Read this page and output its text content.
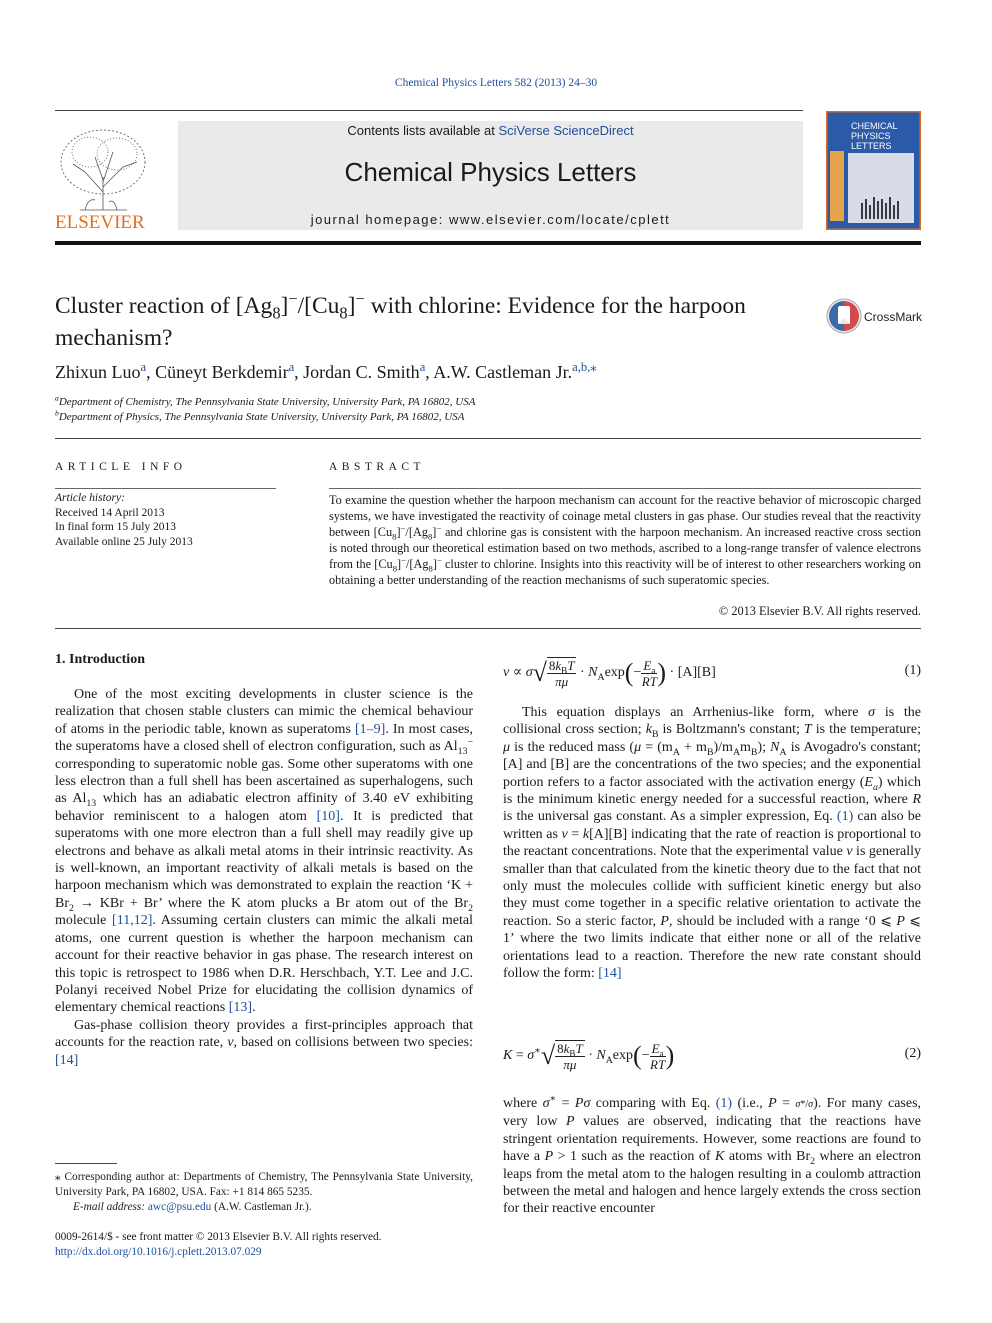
Chemical Physics Letters 582 (2013) 24–30
ELSEVIER
Contents lists available at SciVerse ScienceDirect
Chemical Physics Letters
journal homepage: www.elsevier.com/locate/cplett
CHEMICAL
PHYSICS
LETTERS
Cluster reaction of $[Ag_8]^-/[Cu_8]^-$ with chlorine: Evidence for the harpoon mechanism?
CrossMark
Zhixun Luo$^a$, Cüneyt Berkdemir$^a$, Jordan C. Smith$^a$, A.W. Castleman Jr.$^{a,b,⁎}$
$^a$Department of Chemistry, The Pennsylvania State University, University Park, PA 16802, USA
$^b$Department of Physics, The Pennsylvania State University, University Park, PA 16802, USA
ARTICLE INFO
Article history:
Received 14 April 2013
In final form 15 July 2013
Available online 25 July 2013
ABSTRACT
To examine the question whether the harpoon mechanism can account for the reactive behavior of microscopic charged systems, we have investigated the reactivity of coinage metal clusters in gas phase. Our studies reveal that the reactivity between $[Cu_8]^-/[Ag_8]^-$ and chlorine gas is consistent with the harpoon mechanism. An increased reactive cross section is noted through our theoretical estimation based on two methods, ascribed to a long-range transfer of valence electrons from the $[Cu_8]^-/[Ag_8]^-$ cluster to chlorine. Insights into this reactivity will be of interest to other researchers working on obtaining a better understanding of the reaction mechanisms of such superatomic species.
© 2013 Elsevier B.V. All rights reserved.
1. Introduction

One of the most exciting developments in cluster science is the realization that chosen stable clusters can mimic the chemical behaviour of atoms in the periodic table, known as superatoms [1–9]. In most cases, the superatoms have a closed shell of electron configuration, such as $Al_{13}^-$ corresponding to superatomic noble gas. Some other superatoms with one less electron than a full shell has been ascertained as superhalogens, such as $Al_{13}$ which has an adiabatic electron affinity of 3.40 eV exhibiting behavior reminiscent to a halogen atom [10]. It is predicted that superatoms with one more electron than a full shell may readily give up electrons and behave as alkali metal atoms in their intrinsic reactivity. As is well-known, an important reactivity of alkali metals is based on the harpoon mechanism which was demonstrated to explain the reaction ‘$K + Br_2$ → KBr + Br’ where the K atom plucks a Br atom out of the $Br_2$ molecule [11,12]. Assuming certain clusters can mimic the alkali metal atoms, one current question is whether the harpoon mechanism can account for their reactive behavior in gas phase. The research interest on this topic is retrospect to 1986 when D.R. Herschbach, Y.T. Lee and J.C. Polanyi received Nobel Prize for elucidating the collision dynamics of elementary chemical reactions [13].

Gas-phase collision theory provides a first-principles approach that accounts for the reaction rate, v, based on collisions between two species:[14]

$v \propto \sigma√ \frac{8k_BT}{\pi\mu} \cdot N_A\exp(- \frac{E_a}{RT}$ ) · [A][B]	(1)

This equation displays an Arrhenius-like form, where σ is the collisional cross section; $k_B$ is Boltzmann's constant; T is the temperature; μ is the reduced mass $(\mu = (m_A + m_B)/m_Am_B)$; $N_A$ is Avogadro's constant; [A] and [B] are the concentrations of the two species; and the exponential portion refers to a factor associated with the activation energy $(E_a)$ which is the minimum kinetic energy needed for a successful reaction, where R is the universal gas constant. As a simpler expression, Eq. (1) can also be written as v = k[A][B] indicating that the rate of reaction is proportional to the reactant concentrations. Note that the experimental value v is generally smaller than that calculated from the kinetic theory due to the fact that not only must the molecules collide with sufficient kinetic energy but also they must come together in a specific relative orientation to activate the reaction. So a steric factor, P, should be included with a range ‘0 ⩽ P ⩽ 1’ where the two limits indicate that either none or all of the relative orientations lead to a reaction. Therefore the new rate constant should follow the form: [14]

$K = \sigma^∗√ \frac{8k_BT}{\pi\mu} \cdot N_A\exp(- \frac{E_a}{RT}$ )	(2)

where σ∗ = Pσ comparing with Eq. (1) (i.e., P = σ*/σ). For many cases, very low P values are observed, indicating that the reactions have stringent orientation requirements. However, some reactions are found to have a P > 1 such as the reaction of K atoms with $Br_2$ where an electron leaps from the metal atom to the halogen resulting in a coulomb attraction between the metal and halogen and hence largely extends the cross section for their reactive encounter

⁎ Corresponding author at: Departments of Chemistry, The Pennsylvania State University, University Park, PA 16802, USA. Fax: +1 814 865 5235.
E-mail address: awc@psu.edu (A.W. Castleman Jr.).
0009-2614/$ - see front matter © 2013 Elsevier B.V. All rights reserved.
http://dx.doi.org/10.1016/j.cplett.2013.07.029
